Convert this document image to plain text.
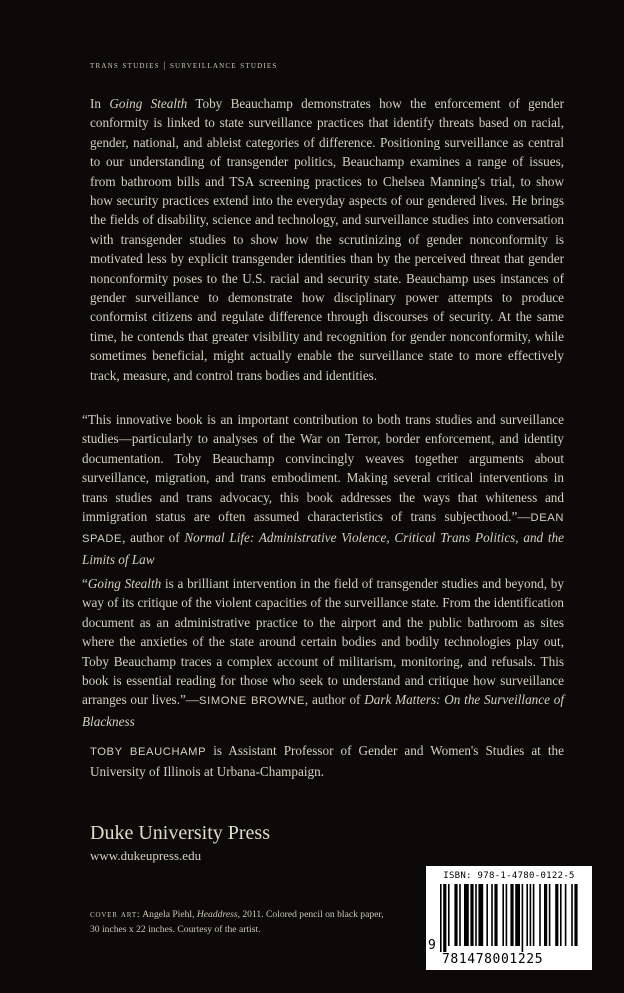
trans studies | surveillance studies

In Going Stealth Toby Beauchamp demonstrates how the enforcement of gender conformity is linked to state surveillance practices that identify threats based on racial, gender, national, and ableist categories of difference. Positioning surveillance as central to our understanding of transgender politics, Beauchamp examines a range of issues, from bathroom bills and TSA screening practices to Chelsea Manning's trial, to show how security practices extend into the everyday aspects of our gendered lives. He brings the fields of disability, science and technology, and surveillance studies into conversation with transgender studies to show how the scrutinizing of gender nonconformity is motivated less by explicit transgender identities than by the perceived threat that gender nonconformity poses to the U.S. racial and security state. Beauchamp uses instances of gender surveillance to demonstrate how disciplinary power attempts to produce conformist citizens and regulate difference through discourses of security. At the same time, he contends that greater visibility and recognition for gender nonconformity, while sometimes beneficial, might actually enable the surveillance state to more effectively track, measure, and control trans bodies and identities.

“This innovative book is an important contribution to both trans studies and surveillance studies—particularly to analyses of the War on Terror, border enforcement, and identity documentation. Toby Beauchamp convincingly weaves together arguments about surveillance, migration, and trans embodiment. Making several critical interventions in trans studies and trans advocacy, this book addresses the ways that whiteness and immigration status are often assumed characteristics of trans subjecthood.”—DEAN SPADE, author of Normal Life: Administrative Violence, Critical Trans Politics, and the Limits of Law

“Going Stealth is a brilliant intervention in the field of transgender studies and beyond, by way of its critique of the violent capacities of the surveillance state. From the identification document as an administrative practice to the airport and the public bathroom as sites where the anxieties of the state around certain bodies and bodily technologies play out, Toby Beauchamp traces a complex account of militarism, monitoring, and refusals. This book is essential reading for those who seek to understand and critique how surveillance arranges our lives.”—SIMONE BROWNE, author of Dark Matters: On the Surveillance of Blackness

TOBY BEAUCHAMP is Assistant Professor of Gender and Women's Studies at the University of Illinois at Urbana-Champaign.

Duke University Press
www.dukeupress.edu
cover art: Angela Piehl, Headdress, 2011. Colored pencil on black paper, 30 inches x 22 inches. Courtesy of the artist.
ISBN: 978-1-4780-0122-5
9
781478001225
